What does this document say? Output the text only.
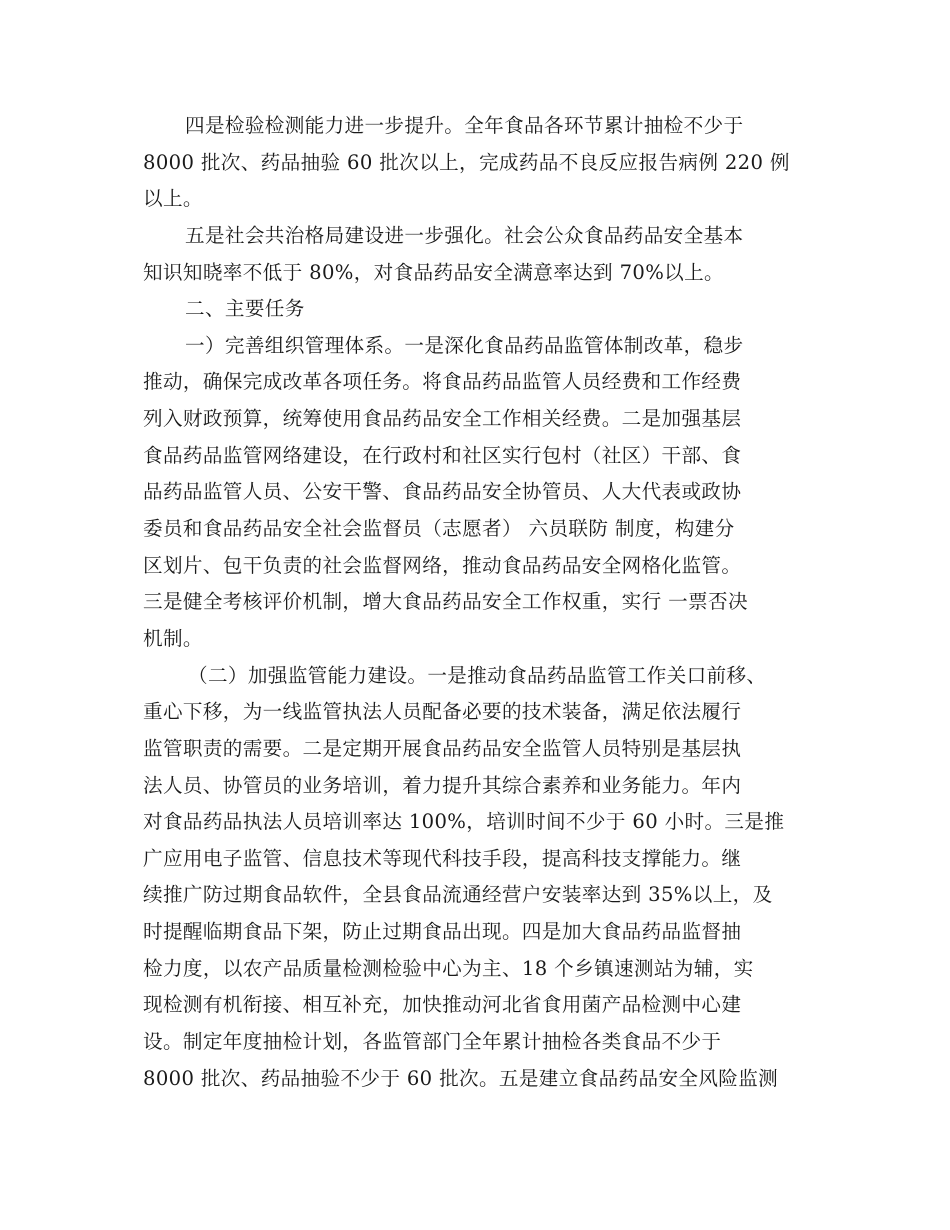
四是检验检测能力进一步提升。全年食品各环节累计抽检不少于
8000 批次、药品抽验 60 批次以上，完成药品不良反应报告病例 220 例
以上。
五是社会共治格局建设进一步强化。社会公众食品药品安全基本
知识知晓率不低于 80%，对食品药品安全满意率达到 70%以上。
二、主要任务
一）完善组织管理体系。一是深化食品药品监管体制改革，稳步
推动，确保完成改革各项任务。将食品药品监管人员经费和工作经费
列入财政预算，统筹使用食品药品安全工作相关经费。二是加强基层
食品药品监管网络建设，在行政村和社区实行包村（社区）干部、食
品药品监管人员、公安干警、食品药品安全协管员、人大代表或政协
委员和食品药品安全社会监督员（志愿者） 六员联防 制度，构建分
区划片、包干负责的社会监督网络，推动食品药品安全网格化监管。
三是健全考核评价机制，增大食品药品安全工作权重，实行 一票否决
机制。
（二）加强监管能力建设。一是推动食品药品监管工作关口前移、
重心下移，为一线监管执法人员配备必要的技术装备，满足依法履行
监管职责的需要。二是定期开展食品药品安全监管人员特别是基层执
法人员、协管员的业务培训，着力提升其综合素养和业务能力。年内
对食品药品执法人员培训率达 100%，培训时间不少于 60 小时。三是推
广应用电子监管、信息技术等现代科技手段，提高科技支撑能力。继
续推广防过期食品软件，全县食品流通经营户安装率达到 35%以上，及
时提醒临期食品下架，防止过期食品出现。四是加大食品药品监督抽
检力度，以农产品质量检测检验中心为主、18 个乡镇速测站为辅，实
现检测有机衔接、相互补充，加快推动河北省食用菌产品检测中心建
设。制定年度抽检计划，各监管部门全年累计抽检各类食品不少于
8000 批次、药品抽验不少于 60 批次。五是建立食品药品安全风险监测
